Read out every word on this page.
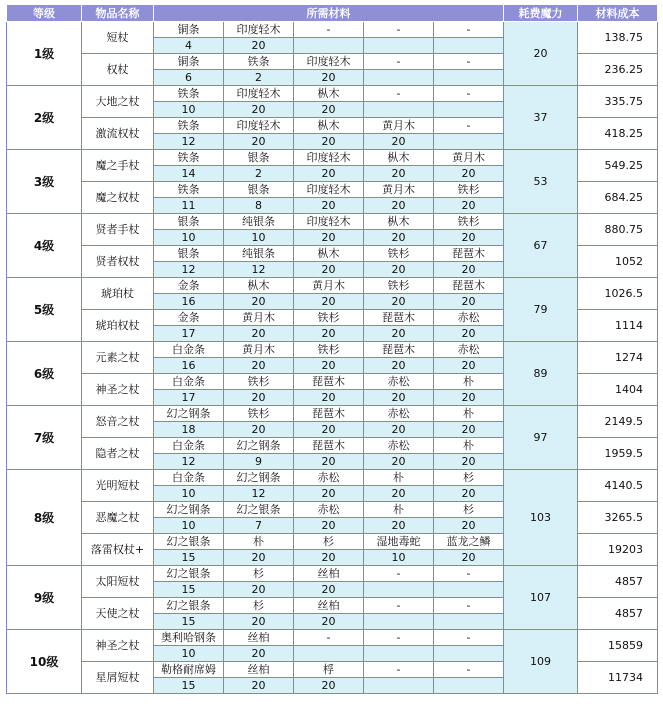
等级	物品名称	所需材料					耗费魔力	材料成本
1级	短杖	铜条	印度轻木	-	-	-	20	138.75
		4	20					
	权杖	铜条	铁条	印度轻木	-	-		236.25
		6	2	20				
2级	大地之杖	铁条	印度轻木	枞木	-	-	37	335.75
		10	20	20				
	激流权杖	铁条	印度轻木	枞木	黄月木	-		418.25
		12	20	20	20			
3级	魔之手杖	铁条	银条	印度轻木	枞木	黄月木	53	549.25
		14	2	20	20	20		
	魔之权杖	铁条	银条	印度轻木	黄月木	铁杉		684.25
		11	8	20	20	20		
4级	贤者手杖	银条	纯银条	印度轻木	枞木	铁杉	67	880.75
		10	10	20	20	20		
	贤者权杖	银条	纯银条	枞木	铁杉	琵琶木		1052
		12	12	20	20	20		
5级	琥珀杖	金条	枞木	黄月木	铁杉	琵琶木	79	1026.5
		16	20	20	20	20		
	琥珀权杖	金条	黄月木	铁杉	琵琶木	赤松		1114
		17	20	20	20	20		
6级	元素之杖	白金条	黄月木	铁杉	琵琶木	赤松	89	1274
		16	20	20	20	20		
	神圣之杖	白金条	铁杉	琵琶木	赤松	朴		1404
		17	20	20	20	20		
7级	怒音之杖	幻之钢条	铁杉	琵琶木	赤松	朴	97	2149.5
		18	20	20	20	20		
	隐者之杖	白金条	幻之钢条	琵琶木	赤松	朴		1959.5
		12	9	20	20	20		
8级	光明短杖	白金条	幻之钢条	赤松	朴	杉	103	4140.5
		10	12	20	20	20		
	恶魔之杖	幻之钢条	幻之银条	赤松	朴	杉		3265.5
		10	7	20	20	20		
	落雷权杖+	幻之银条	朴	杉	湿地毒蛇	蓝龙之鳞		19203
		15	20	20	10	20		
9级	太阳短杖	幻之银条	杉	丝柏	-	-	107	4857
		15	20	20				
	天使之杖	幻之银条	杉	丝柏	-	-		4857
		15	20	20				
10级	神圣之杖	奥利哈钢条	丝柏	-	-	-	109	15859
		10	20					
	星屑短杖	勒格耐席姆	丝柏	桴	-	-		11734
		15	20	20				
